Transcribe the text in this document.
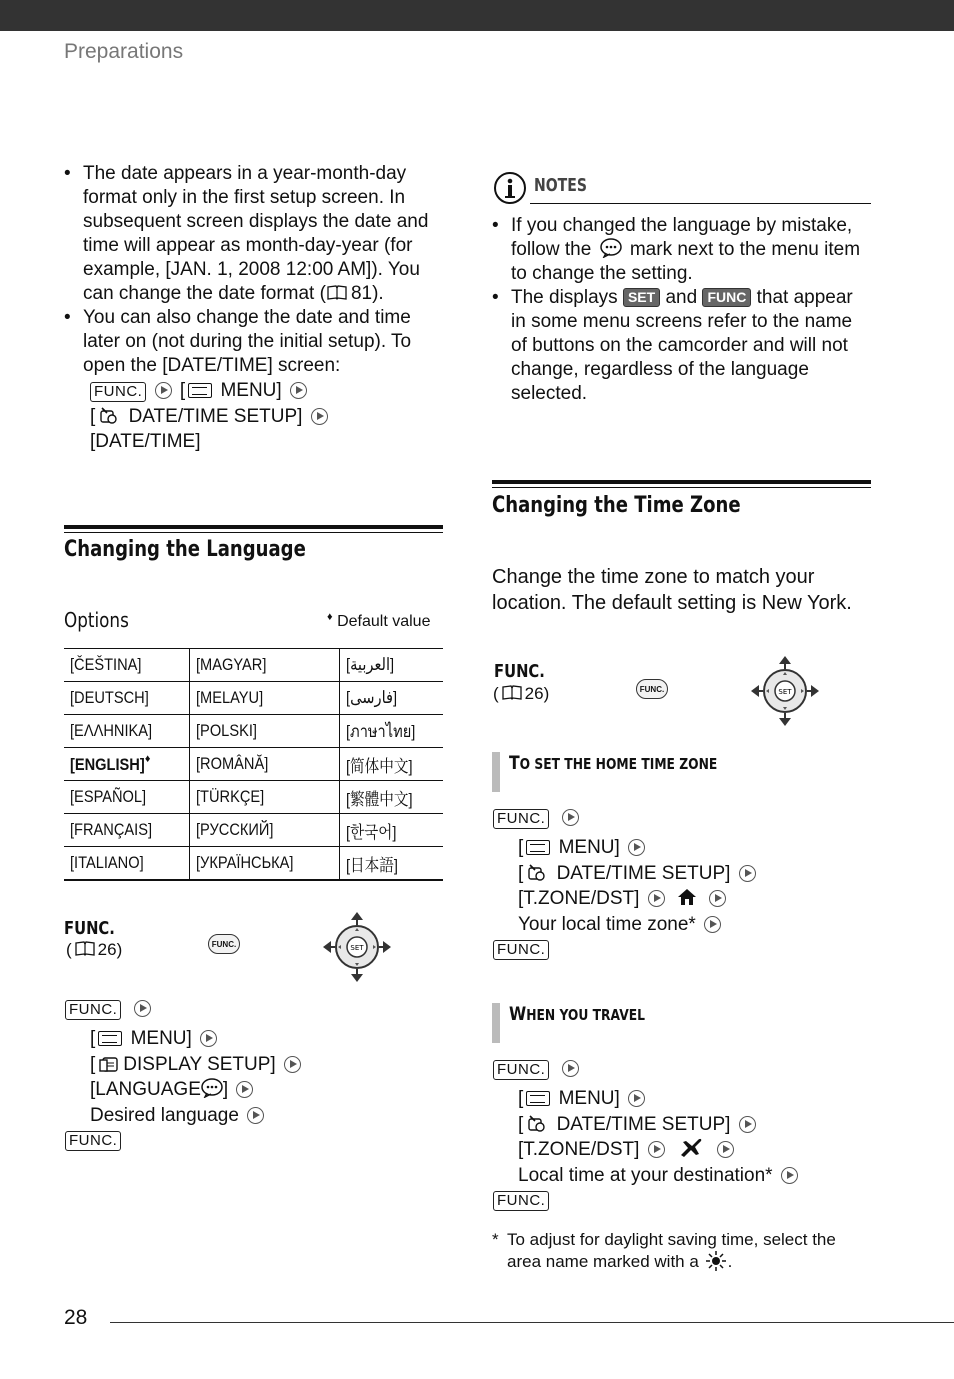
Preparations
• The date appears in a year-month-day format only in the first setup screen. In subsequent screen displays the date and time will appear as month-day-year (for example, [JAN. 1, 2008 12:00 AM]). You can change the date format ( 81).
• You can also change the date and time later on (not during the initial setup). To open the [DATE/TIME] screen:
FUNC.  [ MENU]
[ DATE/TIME SETUP]
[DATE/TIME]
Changing the Language
Options	♦ Default value
[ČEŠTINA]	[MAGYAR]	[العربية]
[DEUTSCH]	[MELAYU]	[فارسی]
[ΕΛΛΗΝΙΚΑ]	[POLSKI]	[ภาษาไทย]
[ENGLISH]♦	[ROMÂNĂ]	[简体中文]
[ESPAÑOL]	[TÜRKÇE]	[繁體中文]
[FRANÇAIS]	[РУССКИЙ]	[한국어]
[ITALIANO]	[УКРАЇНСЬКА]	[日本語]
FUNC.
( 26)	FUNC.	SET
FUNC.
[ MENU]
[ DISPLAY SETUP]
[LANGUAGE ]
Desired language
FUNC.
NOTES
• If you changed the language by mistake, follow the mark next to the menu item to change the setting.
• The displays SET and FUNC that appear in some menu screens refer to the name of buttons on the camcorder and will not change, regardless of the language selected.
Changing the Time Zone
Change the time zone to match your location. The default setting is New York.
FUNC.
( 26)	FUNC.	SET
TO SET THE HOME TIME ZONE
FUNC.
[ MENU]
[ DATE/TIME SETUP]
[T.ZONE/DST]
Your local time zone*
FUNC.
WHEN YOU TRAVEL
FUNC.
[ MENU]
[ DATE/TIME SETUP]
[T.ZONE/DST]
Local time at your destination*
FUNC.
* To adjust for daylight saving time, select the area name marked with a .
28
